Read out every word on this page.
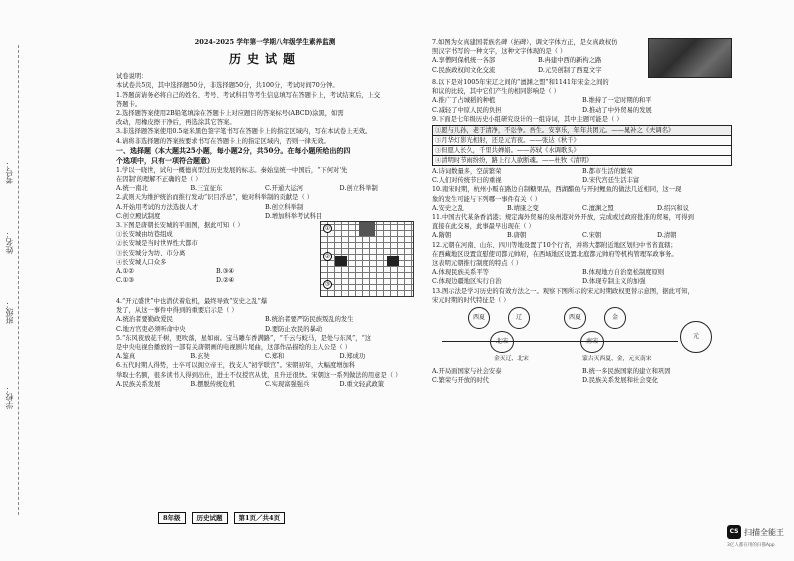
学校：
班级：
姓名：
考号：
2024-2025 学年第一学期八年级学生素养监测
历史试题
试卷说明：
本试卷共5页，其中选择题50分，非选择题50分，共100分，考试时间70分钟。
1.答题前请务必将自己的姓名、考号、考试科目等考生信息填写在答题卡上，考试结束后，上交
答题卡。
2.选择题答案使用2B铅笔填涂在答题卡上对应题目的答案标号(ABCD)涂黑，如需
改动，用橡皮擦干净后，再选涂其它答案。
3.非选择题答案使用0.5毫米黑色签字笔书写在答题卡上的指定区域内，写在本试卷上无效。
4.请将非选择题的答案按要求书写在答题卡上的指定区域内，否则一律无效。
一、选择题（本大题共25小题，每小题2分，共50分。在每小题所给出的四
个选项中，只有一项符合题意）
1.学以一晓世，试句一概德真型过历史发展的标志。秦始皇统一中国后，“下何对'先
在因制'的理解不正确的是（ ）
A.统一南北	B.三宜征东	C.开通大运河	D.创立科举制
2.武则天为维护统治而推行发动“识目浮忌”，她对科举制的贡献是（ ）
A.开始用考试的方法选拔人才	B.创立科举制
C.创立殿试制度	D.增加科举考试科目
3.下图是唐朝长安城的平面图，据此可知（ ）
①长安城由坊巷组成
②长安城是当时世界性大都市
③长安城分为坊、市分离
④长安城人口众多
A.①②	B.③④
C.①③	D.②④
①
②
③
4.“开元盛世”中也潜伏着危机，最终导致“安史之乱”爆
发了，从这一事件中得到的重要启示是（ ）
A.统治者要勤政爱民	B.统治者要严防民族叛乱的发生
C.地方官吏必须听命中央	D.要防止农民的暴动
5.“东风夜放花千树，更吹落，星如雨。宝马雕车香满路”，“千云与蛟马，是处与东风”，“这
是中央电视台播放的一部有关唐朝画的电视剧片尾曲，这部作品描绘的主人公是（ ）
A.鉴真	B.玄奘	C.郑和	D.郑成功
6.五代时期人得势，士卒可以拥立帝王，找支人“初学联宫”。宋朝初年，大幅度增加科
举取士名额，很多读书人得到出仕，进士不仅授官从优，且升迁很快。宋朝这一系列做法的用意是（ ）
A.民族关系发展	B.摆脱传统危机	C.实现富强强兵	D.重文轻武政策
8年级	历史试题	第1页／共4页
7.如图为女真建国者族名碑（拓碑），调文字体方正，是女真政权仿
照汉字书写的一种文字，这种文字体现的是（ ）
A.享僧阿保机统一各部	B.冉建中西的新构之路
C.民族政权间文化交流	D.元昊创制了西夏文字
8.以下是对1005年宋辽之间的“澶渊之盟”和1141年宋金之间的
和议的比较，其中它们产生的相同影响是（ ）
A.推广了占城稻的种植	B.维持了一定时期的和平
C.减轻了中原人民的负担	D.推动了中外贸易的发展
9.下面是七年级历史小组研究设计的一组诗词，其中主题可能是（ ）
①愿与儿孙，老于清净，不讼争。吾生。安享乐，年年共团元。——晁补之《夫调名》
③月华灯影光相射，还是元宵夜。——张达《秋千》
③但愿人长久，千里共婵娟。——苏轼《水调歌头》
④清明时节雨纷纷，路上行人欲断魂。——杜牧《清明》
A.诗词数量多，空前繁荣	B.都市生活的繁荣
C.人们对传统节日的重视	D.宋代宫廷生活丰富
10.南宋时期，杭州小贩在路边自制糖果品，西湖醋鱼与开封鲤鱼的做法几近相同，这一现
象的发生可能与下列哪一事件有关（ ）
A.安史之乱	B.靖康之变	C.澶渊之盟	D.绍兴和议
11.中国古代某条香消港；规定海外贸易的泉州港对外开放，完成或过政府批准的贸易，可得到
直接在此交易，此事最早出现在（ ）
A.隋朝	B.唐朝	C.宋朝	D.清朝
12.元朝在河南、山东、四川等地设置了10个行省，并将大都附近地区划归中书省直辖；
在西藏地区设置宣慰使司都元帅府，在西域地区设置北庭都元帅府等机构管理军政事务。
这表明元朝推行制度的特点（ ）
A.体现民族关系平等	B.体现地方自治宽松制度原则
C.体现边疆地区实行自治	D.体现专制主义的加强
13.图示法是学习历史的有效方法之一。观察下图所示的宋元时期政权更替示意图，据此可知，
宋元时期的时代特征是（ ）
西夏	辽	西夏	金
北宋	南宋
元
金灭辽、北宋	蒙古灭西夏、金，元灭南宋
A.开局面国家与社会安泰	B.统一多民族国家的建立和巩固
C.繁荣与开放的时代	D.民族关系发展和社会变化
CS 扫描全能王
3亿人都在用的扫描App
